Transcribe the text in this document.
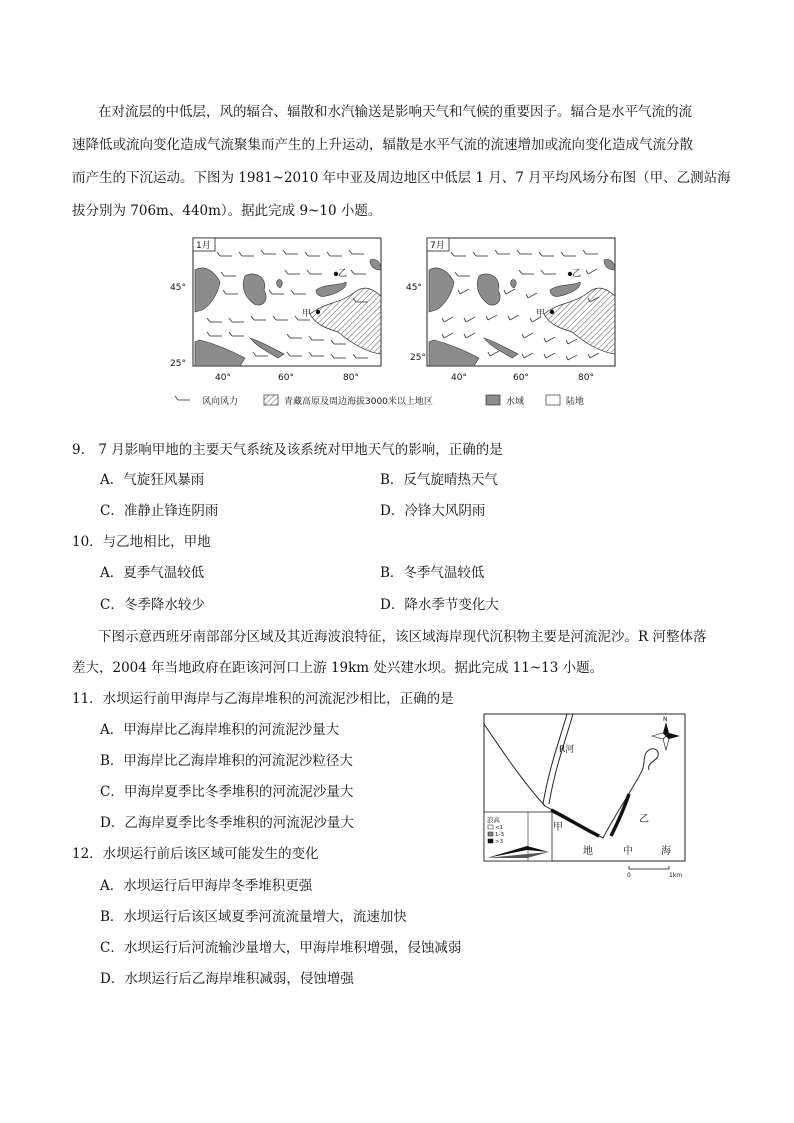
在对流层的中低层，风的辐合、辐散和水汽输送是影响天气和气候的重要因子。辐合是水平气流的流
速降低或流向变化造成气流聚集而产生的上升运动，辐散是水平气流的流速增加或流向变化造成气流分散
而产生的下沉运动。下图为 1981~2010 年中亚及周边地区中低层 1 月、7 月平均风场分布图（甲、乙测站海
拔分别为 706m、440m）。据此完成 9~10 小题。
1月
甲
乙
45°
25°
40°	60°	80°
7月
甲
乙
45°
25°
40°	60°	80°
风向风力	青藏高原及周边海拔3000米以上地区	水域	陆地
9． 7 月影响甲地的主要天气系统及该系统对甲地天气的影响，正确的是
A．气旋狂风暴雨	B．反气旋晴热天气
C．准静止锋连阴雨	D．冷锋大风阴雨
10．与乙地相比，甲地
A．夏季气温较低	B．冬季气温较低
C．冬季降水较少	D．降水季节变化大
下图示意西班牙南部部分区域及其近海波浪特征，该区域海岸现代沉积物主要是河流泥沙。R 河整体落
差大，2004 年当地政府在距该河河口上游 19km 处兴建水坝。据此完成 11~13 小题。
11．水坝运行前甲海岸与乙海岸堆积的河流泥沙相比，正确的是
A．甲海岸比乙海岸堆积的河流泥沙量大
B．甲海岸比乙海岸堆积的河流泥沙粒径大
C．甲海岸夏季比冬季堆积的河流泥沙量大
D．乙海岸夏季比冬季堆积的河流泥沙量大
R河
甲
乙
地	中	海
N
浪高
<1
1-3
>3
0	1km
12．水坝运行前后该区域可能发生的变化
A．水坝运行后甲海岸冬季堆积更强
B．水坝运行后该区域夏季河流流量增大，流速加快
C．水坝运行后河流输沙量增大，甲海岸堆积增强，侵蚀减弱
D．水坝运行后乙海岸堆积减弱，侵蚀增强
